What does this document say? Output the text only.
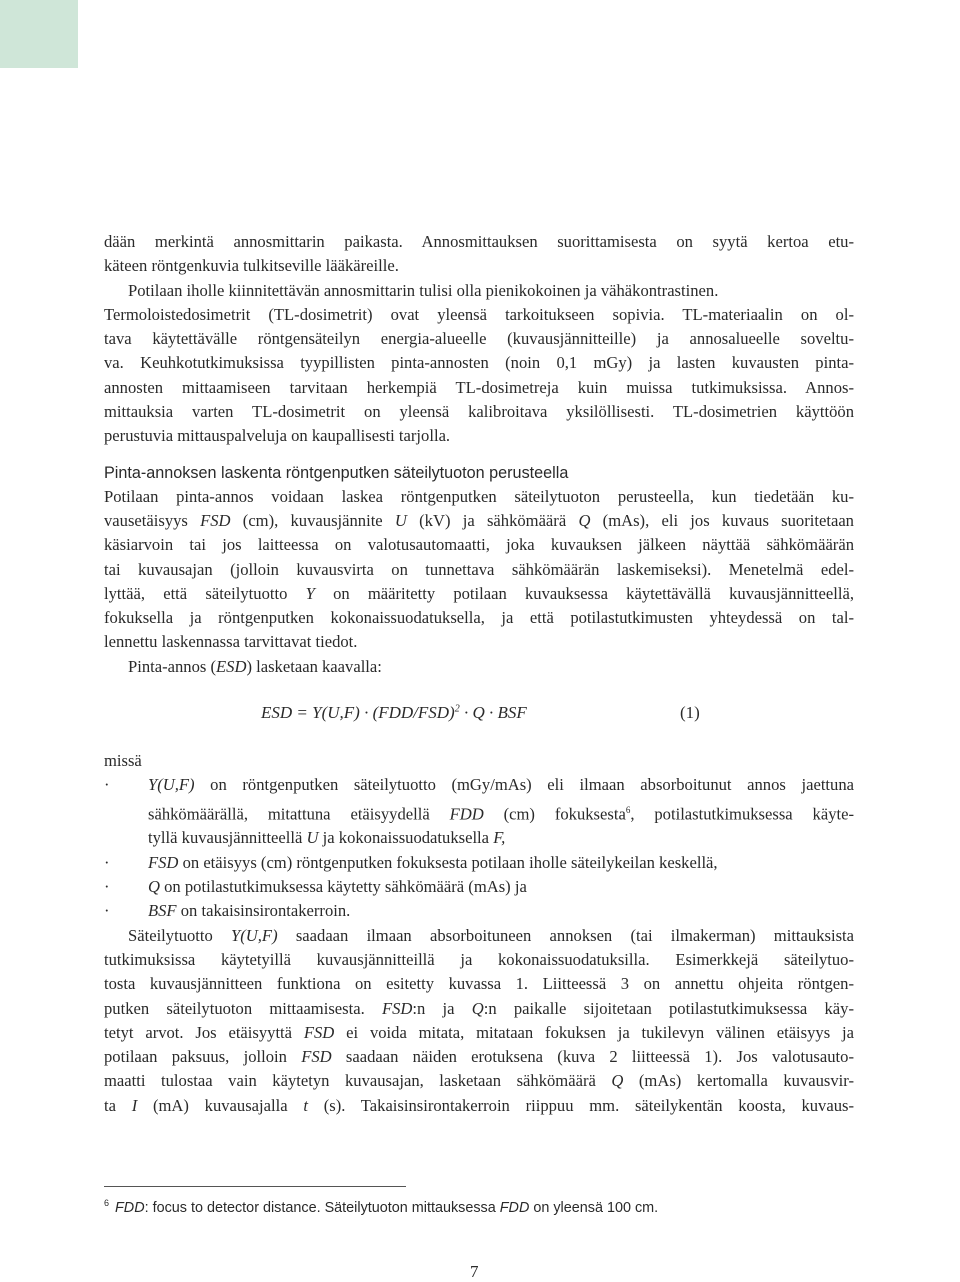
dään merkintä annosmittarin paikasta. Annosmittauksen suorittamisesta on syytä kertoa etu-
käteen röntgenkuvia tulkitseville lääkäreille.
Potilaan iholle kiinnitettävän annosmittarin tulisi olla pienikokoinen ja vähäkontrastinen.
Termoloistedosimetrit (TL-dosimetrit) ovat yleensä tarkoitukseen sopivia. TL-materiaalin on ol-
tava käytettävälle röntgensäteilyn energia-alueelle (kuvausjännitteille) ja annosalueelle soveltu-
va. Keuhkotutkimuksissa tyypillisten pinta-annosten (noin 0,1 mGy) ja lasten kuvausten pinta-
annosten mittaamiseen tarvitaan herkempiä TL-dosimetreja kuin muissa tutkimuksissa. Annos-
mittauksia varten TL-dosimetrit on yleensä kalibroitava yksilöllisesti. TL-dosimetrien käyttöön
perustuvia mittauspalveluja on kaupallisesti tarjolla.
Pinta-annoksen laskenta röntgenputken säteilytuoton perusteella
Potilaan pinta-annos voidaan laskea röntgenputken säteilytuoton perusteella, kun tiedetään ku-
vausetäisyys FSD (cm), kuvausjännite U (kV) ja sähkömäärä Q (mAs), eli jos kuvaus suoritetaan
käsiarvoin tai jos laitteessa on valotusautomaatti, joka kuvauksen jälkeen näyttää sähkömäärän
tai kuvausajan (jolloin kuvausvirta on tunnettava sähkömäärän laskemiseksi). Menetelmä edel-
lyttää, että säteilytuotto Y on määritetty potilaan kuvauksessa käytettävällä kuvausjännitteellä,
fokuksella ja röntgenputken kokonaissuodatuksella, ja että potilastutkimusten yhteydessä on tal-
lennettu laskennassa tarvittavat tiedot.
Pinta-annos (ESD) lasketaan kaavalla:
ESD = $Y(U,F) \cdot (FDD/FSD)^2 \cdot Q$ · BSF	(1)
missä
· Y(U,F) on röntgenputken säteilytuotto (mGy/mAs) eli ilmaan absorboitunut annos jaettuna
sähkömäärällä, mitattuna etäisyydellä FDD (cm) fokuksesta$^6$, potilastutkimuksessa käyte-
tyllä kuvausjännitteellä U ja kokonaissuodatuksella F,
· FSD on etäisyys (cm) röntgenputken fokuksesta potilaan iholle säteilykeilan keskellä,
· Q on potilastutkimuksessa käytetty sähkömäärä (mAs) ja
· BSF on takaisinsirontakerroin.
Säteilytuotto Y(U,F) saadaan ilmaan absorboituneen annoksen (tai ilmakerman) mittauksista
tutkimuksissa käytetyillä kuvausjännitteillä ja kokonaissuodatuksilla. Esimerkkejä säteilytuo-
tosta kuvausjännitteen funktiona on esitetty kuvassa 1. Liitteessä 3 on annettu ohjeita röntgen-
putken säteilytuoton mittaamisesta. FSD:n ja Q:n paikalle sijoitetaan potilastutkimuksessa käy-
tetyt arvot. Jos etäisyyttä FSD ei voida mitata, mitataan fokuksen ja tukilevyn välinen etäisyys ja
potilaan paksuus, jolloin FSD saadaan näiden erotuksena (kuva 2 liitteessä 1). Jos valotusauto-
maatti tulostaa vain käytetyn kuvausajan, lasketaan sähkömäärä Q (mAs) kertomalla kuvausvir-
ta I (mA) kuvausajalla t (s). Takaisinsirontakerroin riippuu mm. säteilykentän koosta, kuvaus-
$^6$ FDD: focus to detector distance. Säteilytuoton mittauksessa FDD on yleensä 100 cm.
7
